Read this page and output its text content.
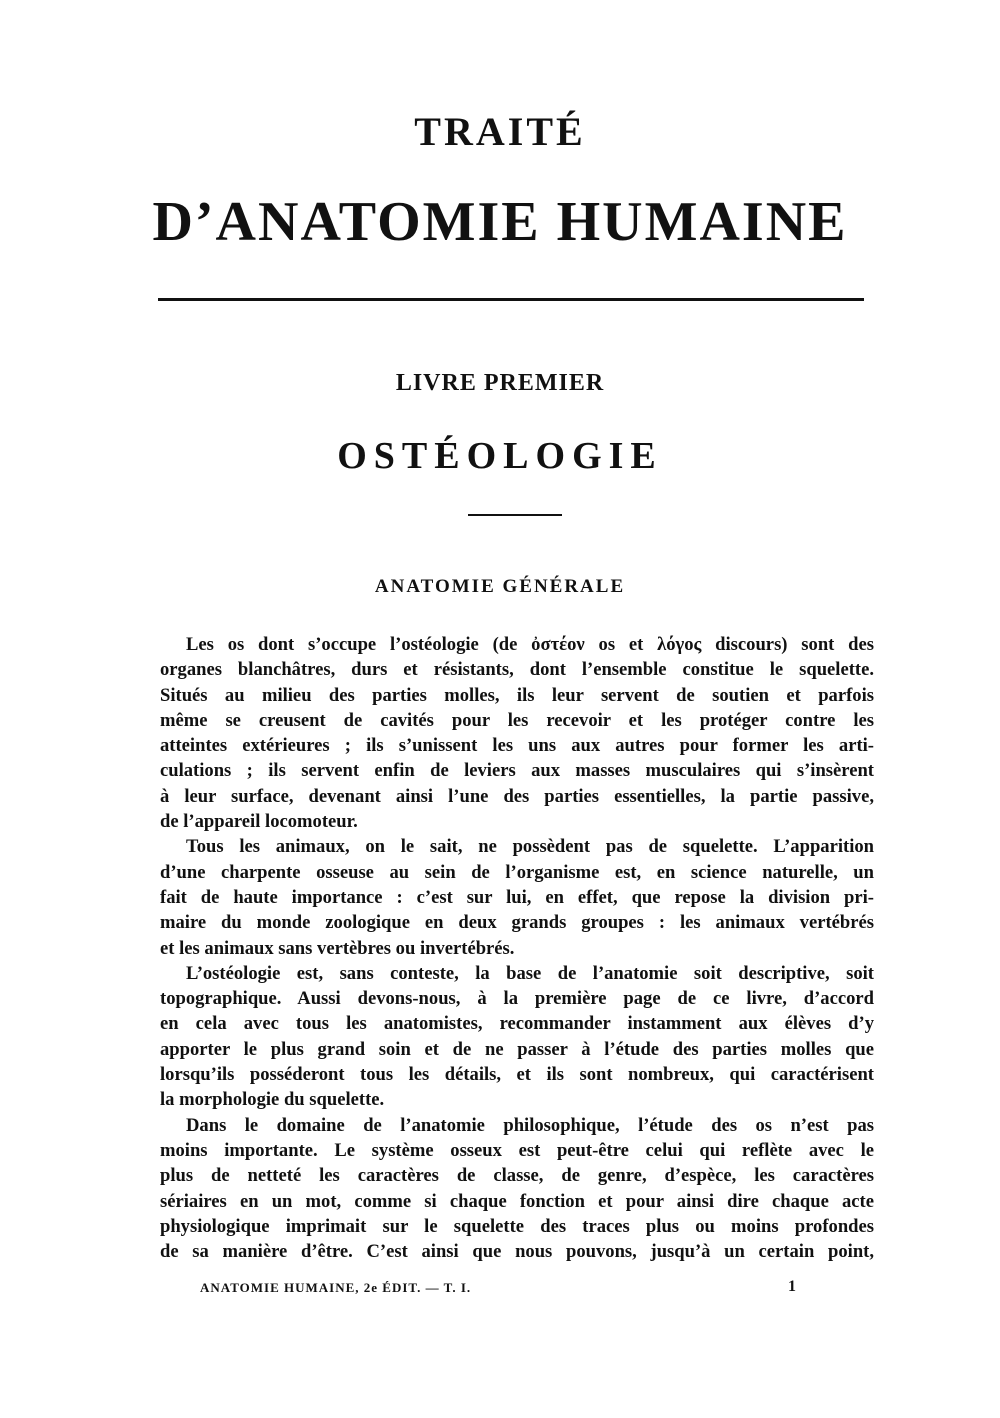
TRAITÉ
D’ANATOMIE HUMAINE
LIVRE PREMIER
OSTÉOLOGIE
ANATOMIE GÉNÉRALE
Les os dont s’occupe l’ostéologie (de ὀστέον os et λόγος discours) sont des
organes blanchâtres, durs et résistants, dont l’ensemble constitue le squelette.
Situés au milieu des parties molles, ils leur servent de soutien et parfois
même se creusent de cavités pour les recevoir et les protéger contre les
atteintes extérieures ; ils s’unissent les uns aux autres pour former les arti-
culations ; ils servent enfin de leviers aux masses musculaires qui s’insèrent
à leur surface, devenant ainsi l’une des parties essentielles, la partie passive,
de l’appareil locomoteur.
Tous les animaux, on le sait, ne possèdent pas de squelette. L’apparition
d’une charpente osseuse au sein de l’organisme est, en science naturelle, un
fait de haute importance : c’est sur lui, en effet, que repose la division pri-
maire du monde zoologique en deux grands groupes : les animaux vertébrés
et les animaux sans vertèbres ou invertébrés.
L’ostéologie est, sans conteste, la base de l’anatomie soit descriptive, soit
topographique. Aussi devons-nous, à la première page de ce livre, d’accord
en cela avec tous les anatomistes, recommander instamment aux élèves d’y
apporter le plus grand soin et de ne passer à l’étude des parties molles que
lorsqu’ils posséderont tous les détails, et ils sont nombreux, qui caractérisent
la morphologie du squelette.
Dans le domaine de l’anatomie philosophique, l’étude des os n’est pas
moins importante. Le système osseux est peut-être celui qui reflète avec le
plus de netteté les caractères de classe, de genre, d’espèce, les caractères
sériaires en un mot, comme si chaque fonction et pour ainsi dire chaque acte
physiologique imprimait sur le squelette des traces plus ou moins profondes
de sa manière d’être. C’est ainsi que nous pouvons, jusqu’à un certain point,
ANATOMIE HUMAINE, 2e ÉDIT. — T. I.	1
